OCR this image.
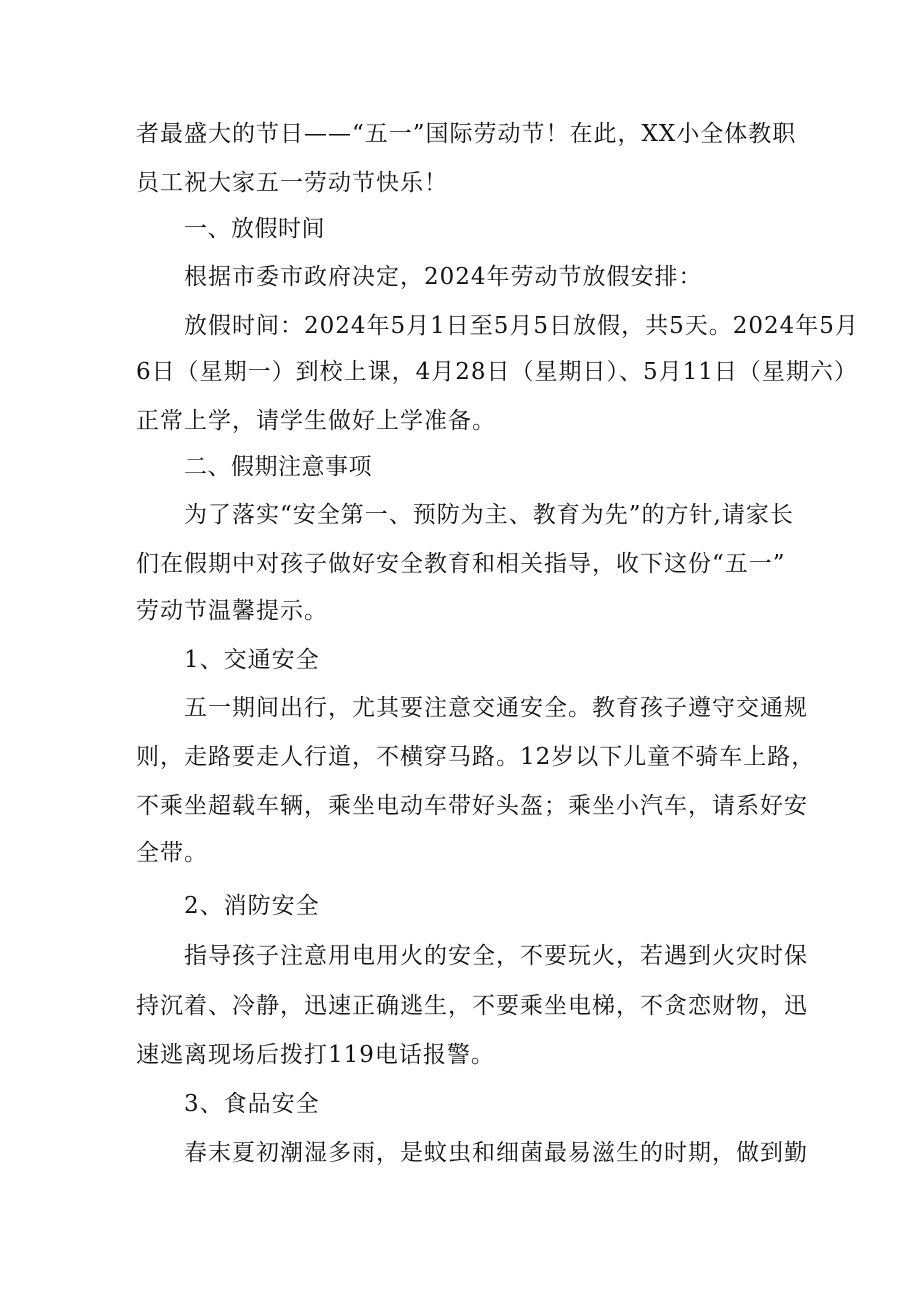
者最盛大的节日——“五一”国际劳动节！在此，XX小全体教职
员工祝大家五一劳动节快乐！
一、放假时间
根据市委市政府决定，2024年劳动节放假安排：
放假时间：2024年5月1日至5月5日放假，共5天。2024年5月
6日（星期一）到校上课，4月28日（星期日）、5月11日（星期六）
正常上学，请学生做好上学准备。
二、假期注意事项
为了落实“安全第一、预防为主、教育为先”的方针,请家长
们在假期中对孩子做好安全教育和相关指导，收下这份“五一”
劳动节温馨提示。
1、交通安全
五一期间出行，尤其要注意交通安全。教育孩子遵守交通规
则，走路要走人行道，不横穿马路。12岁以下儿童不骑车上路，
不乘坐超载车辆，乘坐电动车带好头盔；乘坐小汽车，请系好安
全带。
2、消防安全
指导孩子注意用电用火的安全，不要玩火，若遇到火灾时保
持沉着、冷静，迅速正确逃生，不要乘坐电梯，不贪恋财物，迅
速逃离现场后拨打119电话报警。
3、食品安全
春末夏初潮湿多雨，是蚊虫和细菌最易滋生的时期，做到勤
